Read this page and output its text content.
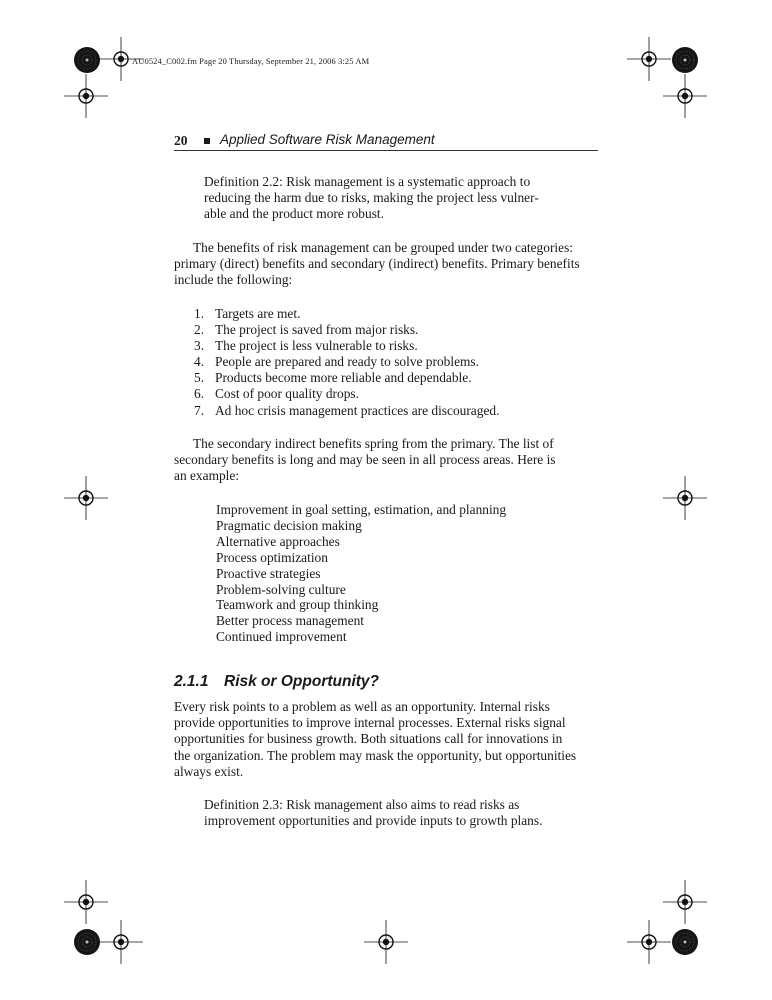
AU0524_C002.fm Page 20 Thursday, September 21, 2006 3:25 AM
20 Applied Software Risk Management
Definition 2.2: Risk management is a systematic approach to
reducing the harm due to risks, making the project less vulner-
able and the product more robust.
The benefits of risk management can be grouped under two categories:
primary (direct) benefits and secondary (indirect) benefits. Primary benefits
include the following:
1. Targets are met.
2. The project is saved from major risks.
3. The project is less vulnerable to risks.
4. People are prepared and ready to solve problems.
5. Products become more reliable and dependable.
6. Cost of poor quality drops.
7. Ad hoc crisis management practices are discouraged.
The secondary indirect benefits spring from the primary. The list of
secondary benefits is long and may be seen in all process areas. Here is
an example:
Improvement in goal setting, estimation, and planning
Pragmatic decision making
Alternative approaches
Process optimization
Proactive strategies
Problem-solving culture
Teamwork and group thinking
Better process management
Continued improvement
2.1.1 Risk or Opportunity?
Every risk points to a problem as well as an opportunity. Internal risks
provide opportunities to improve internal processes. External risks signal
opportunities for business growth. Both situations call for innovations in
the organization. The problem may mask the opportunity, but opportunities
always exist.
Definition 2.3: Risk management also aims to read risks as
improvement opportunities and provide inputs to growth plans.
